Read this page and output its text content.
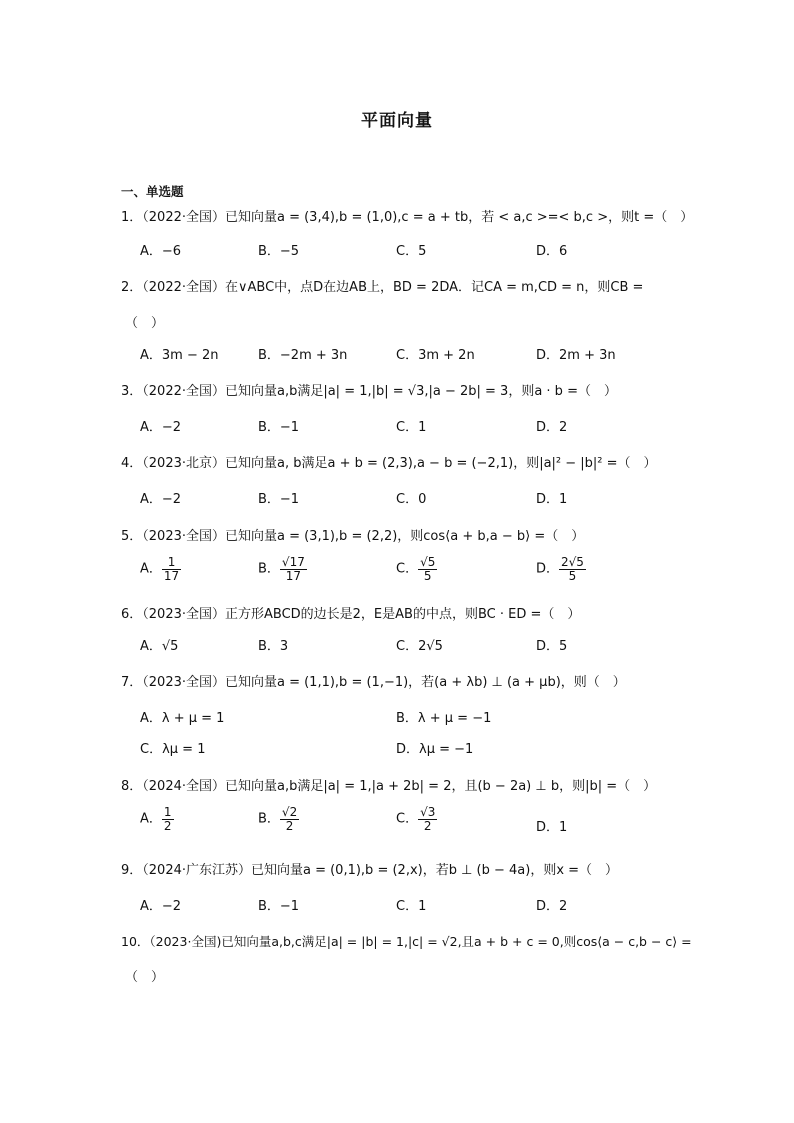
平面向量
一、单选题
1．（2022·全国）已知向量a = (3,4),b = (1,0),c = a + tb，若 < a,c >=< b,c >，则t =（　）
A．−6	B．−5	C．5	D．6
2．（2022·全国）在∨ABC中，点D在边AB上，BD = 2DA．记CA = m,CD = n，则CB =
（　）
A．3m − 2n	B．−2m + 3n	C．3m + 2n	D．2m + 3n
3．（2022·全国）已知向量a,b满足|a| = 1,|b| = √3,|a − 2b| = 3，则a · b =（　）
A．−2	B．−1	C．1	D．2
4．（2023·北京）已知向量a, b满足a + b = (2,3),a − b = (−2,1)，则|a|² − |b|² =（　）
A．−2	B．−1	C．0	D．1
5．（2023·全国）已知向量a = (3,1),b = (2,2)，则cos⟨a + b,a − b⟩ =（　）
A． $\frac{1}{17}$	B． $\frac{√17}{17}$	C． $\frac{√5}{5}$	D． $\frac{2√5}{5}$
6．（2023·全国）正方形ABCD的边长是2，E是AB的中点，则BC · ED =（　）
A．√5	B．3	C．2√5	D．5
7．（2023·全国）已知向量a = (1,1),b = (1,−1)，若(a + λb) ⊥ (a + μb)，则（　）
A．λ + μ = 1	B．λ + μ = −1
C．λμ = 1	D．λμ = −1
8．（2024·全国）已知向量a,b满足|a| = 1,|a + 2b| = 2，且(b − 2a) ⊥ b，则|b| =（　）
A． $\frac{1}{2}$	B． $\frac{√2}{2}$	C． $\frac{√3}{2}$	D．1
9．（2024·广东江苏）已知向量a = (0,1),b = (2,x)，若b ⊥ (b − 4a)，则x =（　）
A．−2	B．−1	C．1	D．2
10．（2023·全国)已知向量a,b,c满足|a| = |b| = 1,|c| = √2,且a + b + c = 0,则cos⟨a − c,b − c⟩ =
（　）
